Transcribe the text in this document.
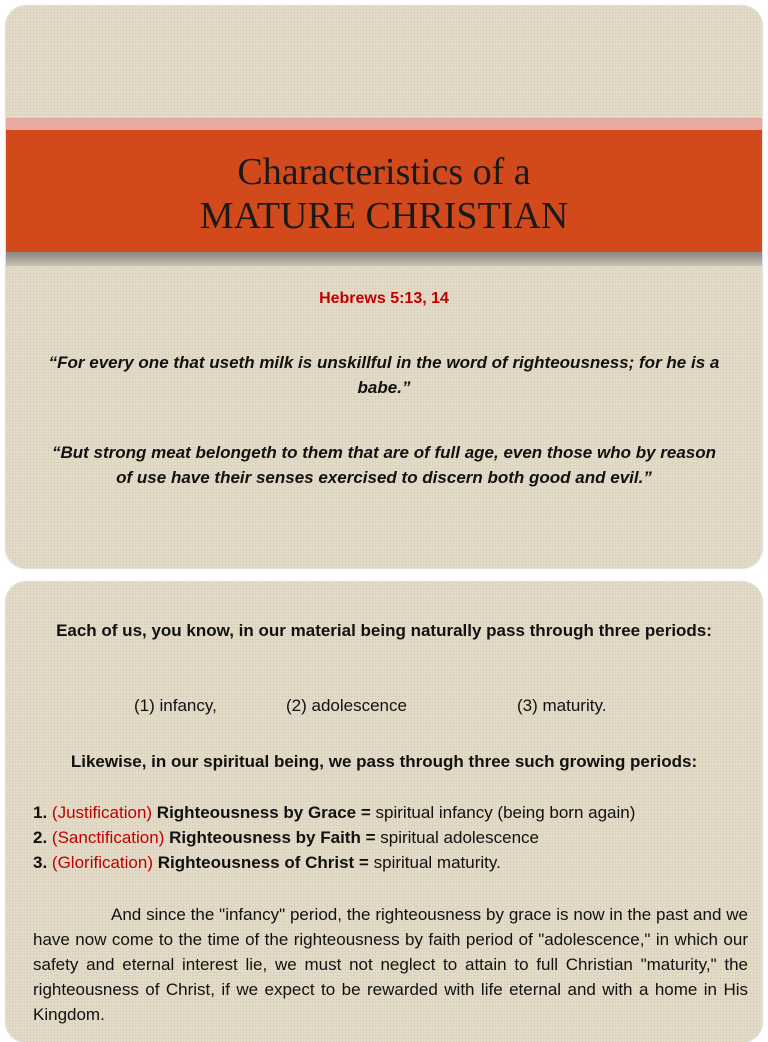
Characteristics of a
MATURE CHRISTIAN
Hebrews 5:13, 14
“For every one that useth milk is unskillful in the word of righteousness; for he is a babe.”
“But strong meat belongeth to them that are of full age, even those who by reason of use have their senses exercised to discern both good and evil.”
Each of us, you know, in our material being naturally pass through three periods:
(1) infancy,	(2) adolescence	(3) maturity.
Likewise, in our spiritual being, we pass through three such growing periods:
1. (Justification) Righteousness by Grace = spiritual infancy (being born again)
2. (Sanctification) Righteousness by Faith = spiritual adolescence
3. (Glorification) Righteousness of Christ = spiritual maturity.
And since the "infancy" period, the righteousness by grace is now in the past and we have now come to the time of the righteousness by faith period of "adolescence," in which our safety and eternal interest lie, we must not neglect to attain to full Christian "maturity," the righteousness of Christ, if we expect to be rewarded with life eternal and with a home in His Kingdom.
